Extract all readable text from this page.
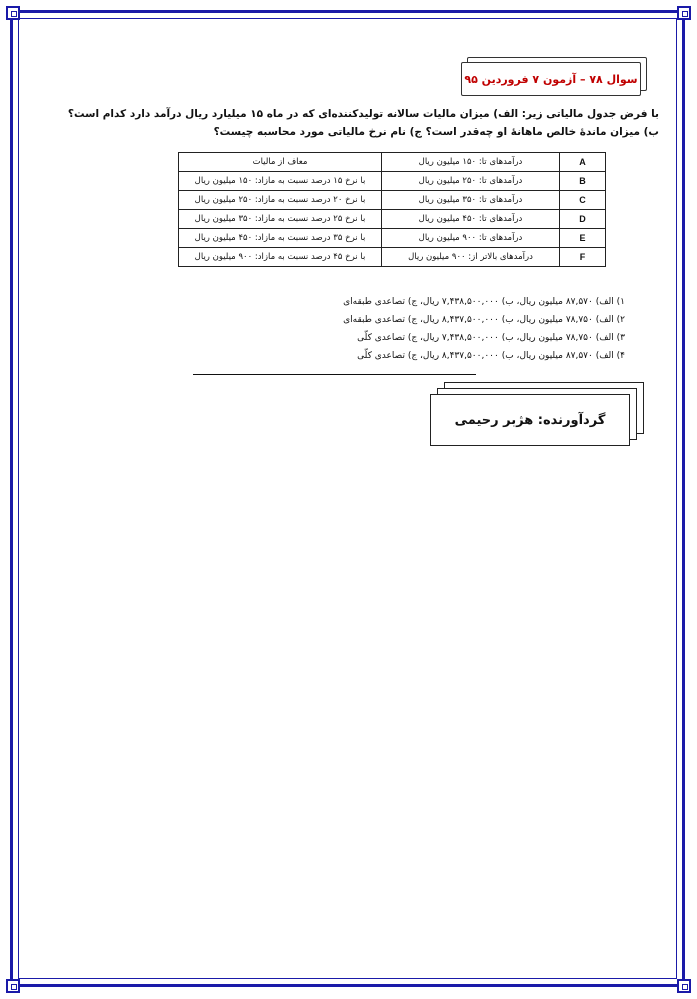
سوال ۷۸ – آزمون ۷ فروردین ۹۵
با فرض جدول مالیاتی زیر: الف) میزان مالیات سالانه تولیدکننده‌ای که در ماه ۱۵ میلیارد ریال درآمد دارد کدام است؟
ب) میزان ماندهٔ خالص ماهانهٔ او چه‌قدر است؟ ج) نام نرخ مالیاتی مورد محاسبه چیست؟
A	درآمدهای تا: ۱۵۰ میلیون ریال	معاف از مالیات
B	درآمدهای تا: ۲۵۰ میلیون ریال	با نرخ ۱۵ درصد نسبت به مازاد: ۱۵۰ میلیون ریال
C	درآمدهای تا: ۳۵۰ میلیون ریال	با نرخ ۲۰ درصد نسبت به مازاد: ۲۵۰ میلیون ریال
D	درآمدهای تا: ۴۵۰ میلیون ریال	با نرخ ۲۵ درصد نسبت به مازاد: ۳۵۰ میلیون ریال
E	درآمدهای تا: ۹۰۰ میلیون ریال	با نرخ ۳۵ درصد نسبت به مازاد: ۴۵۰ میلیون ریال
F	درآمدهای بالاتر از: ۹۰۰ میلیون ریال	با نرخ ۴۵ درصد نسبت به مازاد: ۹۰۰ میلیون ریال
۱) الف) ۸۷,۵۷۰ میلیون ریال، ب) ۷,۴۳۸,۵۰۰,۰۰۰ ریال، ج) تصاعدی طبقه‌ای
۲) الف) ۷۸,۷۵۰ میلیون ریال، ب) ۸,۴۳۷,۵۰۰,۰۰۰ ریال، ج) تصاعدی طبقه‌ای
۳) الف) ۷۸,۷۵۰ میلیون ریال، ب) ۷,۴۳۸,۵۰۰,۰۰۰ ریال، ج) تصاعدی کلّی
۴) الف) ۸۷,۵۷۰ میلیون ریال، ب) ۸,۴۳۷,۵۰۰,۰۰۰ ریال، ج) تصاعدی کلّی
گردآورنده: هژبر رحیمی
